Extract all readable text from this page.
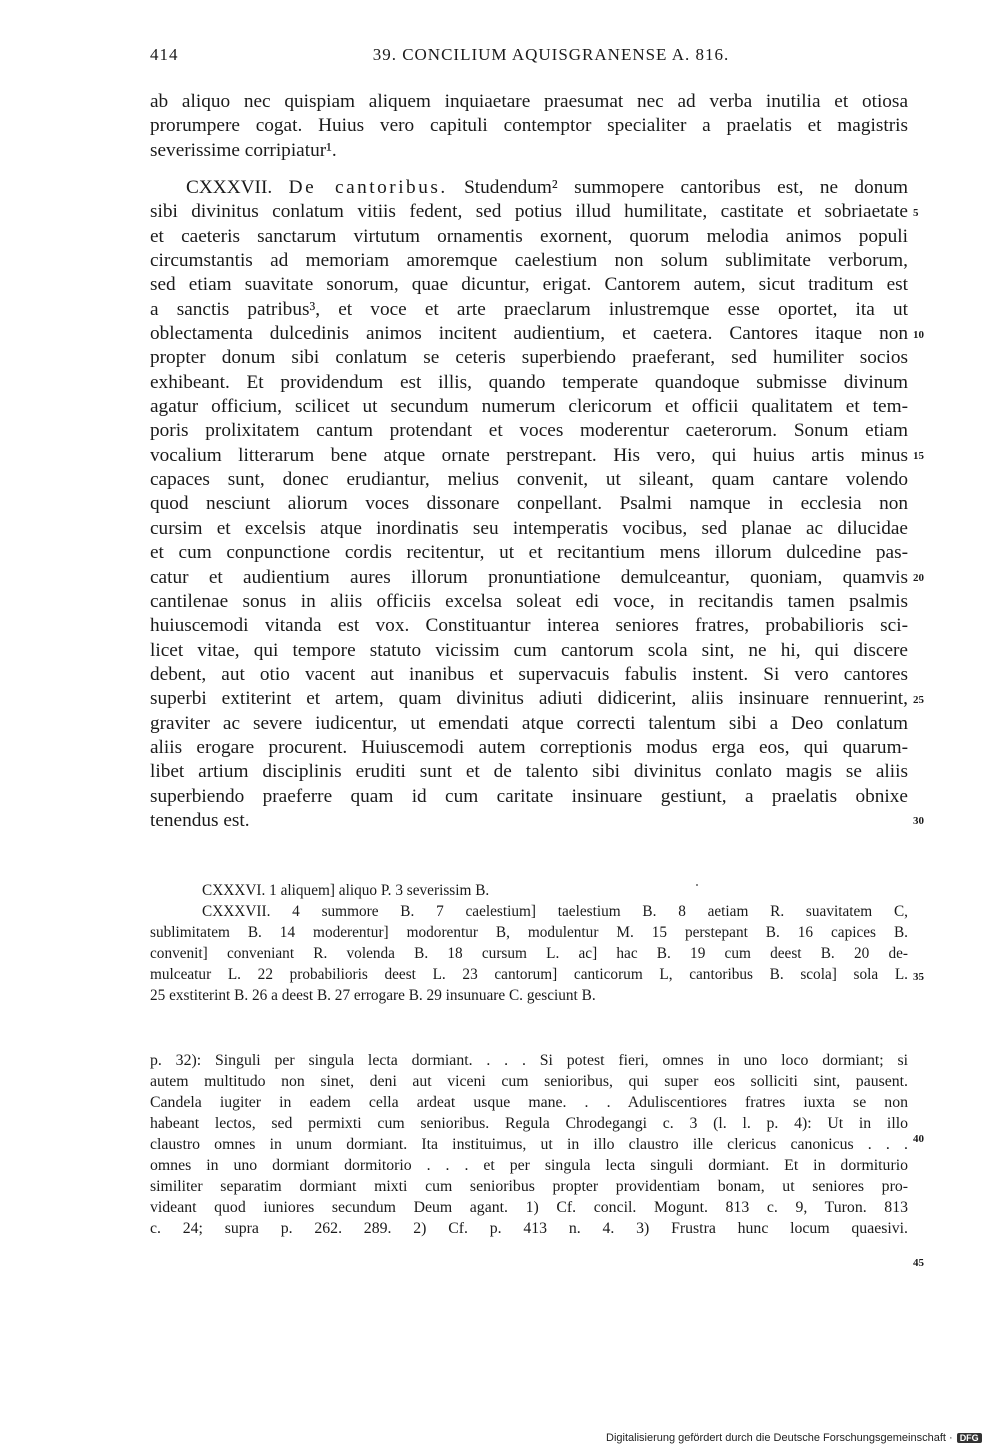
414	39. CONCILIUM AQUISGRANENSE A. 816.
ab aliquo nec quispiam aliquem inquiaetare praesumat nec ad verba inutilia et otiosa
prorumpere cogat. Huius vero capituli contemptor specialiter a praelatis et magistris
severissime corripiatur¹.
CXXXVII. De cantoribus. Studendum² summopere cantoribus est, ne donum
sibi divinitus conlatum vitiis fedent, sed potius illud humilitate, castitate et sobriaetate
et caeteris sanctarum virtutum ornamentis exornent, quorum melodia animos populi
circumstantis ad memoriam amoremque caelestium non solum sublimitate verborum,
sed etiam suavitate sonorum, quae dicuntur, erigat. Cantorem autem, sicut traditum est
a sanctis patribus³, et voce et arte praeclarum inlustremque esse oportet, ita ut
oblectamenta dulcedinis animos incitent audientium, et caetera. Cantores itaque non
propter donum sibi conlatum se ceteris superbiendo praeferant, sed humiliter socios
exhibeant. Et providendum est illis, quando temperate quandoque submisse divinum
agatur officium, scilicet ut secundum numerum clericorum et officii qualitatem et tem-
poris prolixitatem cantum protendant et voces moderentur caeterorum. Sonum etiam
vocalium litterarum bene atque ornate perstrepant. His vero, qui huius artis minus
capaces sunt, donec erudiantur, melius convenit, ut sileant, quam cantare volendo
quod nesciunt aliorum voces dissonare conpellant. Psalmi namque in ecclesia non
cursim et excelsis atque inordinatis seu intemperatis vocibus, sed planae ac dilucidae
et cum conpunctione cordis recitentur, ut et recitantium mens illorum dulcedine pas-
catur et audientium aures illorum pronuntiatione demulceantur, quoniam, quamvis
cantilenae sonus in aliis officiis excelsa soleat edi voce, in recitandis tamen psalmis
huiuscemodi vitanda est vox. Constituantur interea seniores fratres, probabilioris sci-
licet vitae, qui tempore statuto vicissim cum cantorum scola sint, ne hi, qui discere
debent, aut otio vacent aut inanibus et supervacuis fabulis instent. Si vero cantores
superbi extiterint et artem, quam divinitus adiuti didicerint, aliis insinuare rennuerint,
graviter ac severe iudicentur, ut emendati atque correcti talentum sibi a Deo conlatum
aliis erogare procurent. Huiuscemodi autem correptionis modus erga eos, qui quarum-
libet artium disciplinis eruditi sunt et de talento sibi divinitus conlato magis se aliis
superbiendo praeferre quam id cum caritate insinuare gestiunt, a praelatis obnixe
tenendus est.
5
10
15
20
25
30
35
40
45
CXXXVI. 1 aliquem] aliquo P. 3 severissim B.
CXXXVII. 4 summore B. 7 caelestium] taelestium B. 8 aetiam R. suavitatem C,
sublimitatem B. 14 moderentur] modorentur B, modulentur M. 15 perstepant B. 16 capices B.
convenit] conveniant R. volenda B. 18 cursum L. ac] hac B. 19 cum deest B. 20 de-
mulceatur L. 22 probabilioris deest L. 23 cantorum] canticorum L, cantoribus B. scola] sola L.
25 exstiterint B. 26 a deest B. 27 errogare B. 29 insunuare C. gesciunt B.
p. 32): Singuli per singula lecta dormiant. . . . Si potest fieri, omnes in uno loco dormiant; si
autem multitudo non sinet, deni aut viceni cum senioribus, qui super eos solliciti sint, pausent.
Candela iugiter in eadem cella ardeat usque mane. . . Aduliscentiores fratres iuxta se non
habeant lectos, sed permixti cum senioribus. Regula Chrodegangi c. 3 (l. l. p. 4): Ut in illo
claustro omnes in unum dormiant. Ita instituimus, ut in illo claustro ille clericus canonicus . . .
omnes in uno dormiant dormitorio . . . et per singula lecta singuli dormiant. Et in dormiturio
similiter separatim dormiant mixti cum senioribus propter providentiam bonam, ut seniores pro-
videant quod iuniores secundum Deum agant. 1) Cf. concil. Mogunt. 813 c. 9, Turon. 813
c. 24; supra p. 262. 289. 2) Cf. p. 413 n. 4. 3) Frustra hunc locum quaesivi.
Digitalisierung gefördert durch die Deutsche Forschungsgemeinschaft · DFG
